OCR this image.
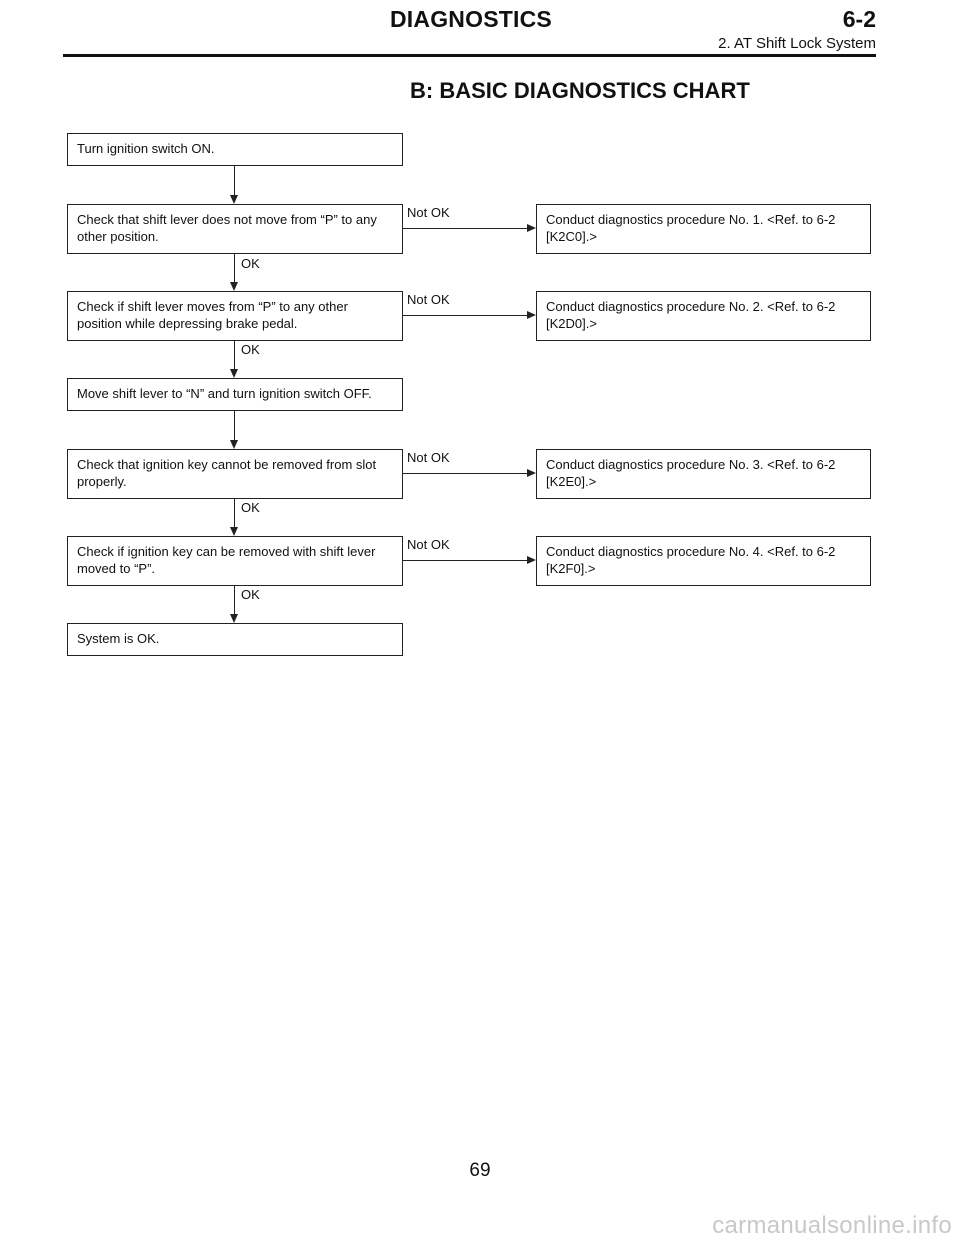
DIAGNOSTICS	6-2
2. AT Shift Lock System
B: BASIC DIAGNOSTICS CHART
Turn ignition switch ON.
Check that shift lever does not move from “P” to any other position.
Not OK	Conduct diagnostics procedure No. 1. <Ref. to 6-2 [K2C0].>
OK
Check if shift lever moves from “P” to any other position while depressing brake pedal.
Not OK	Conduct diagnostics procedure No. 2. <Ref. to 6-2 [K2D0].>
OK
Move shift lever to “N” and turn ignition switch OFF.
Check that ignition key cannot be removed from slot properly.
Not OK	Conduct diagnostics procedure No. 3. <Ref. to 6-2 [K2E0].>
OK
Check if ignition key can be removed with shift lever moved to “P”.
Not OK	Conduct diagnostics procedure No. 4. <Ref. to 6-2 [K2F0].>
OK
System is OK.
69
carmanualsonline.info
